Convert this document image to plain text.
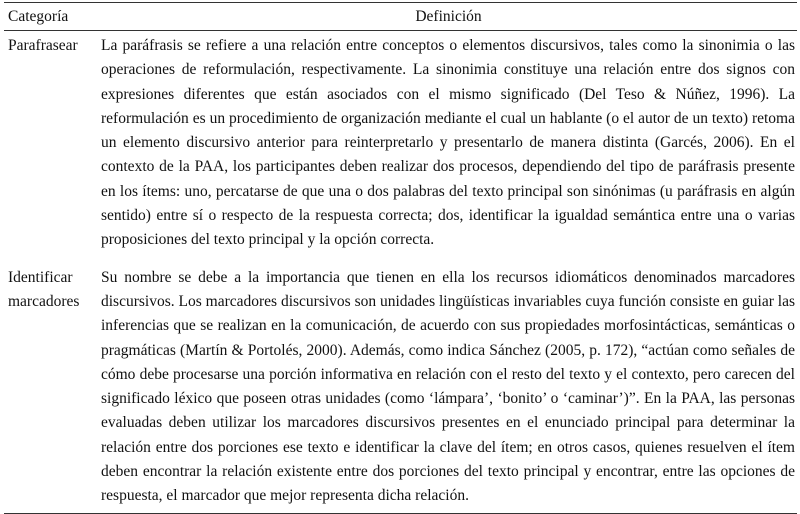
Categoría	Definición
Parafrasear	La paráfrasis se refiere a una relación entre conceptos o elementos discursivos, tales como la sinonimia o las operaciones de reformulación, respectivamente. La sinonimia constituye una relación entre dos signos con expresiones diferentes que están asociados con el mismo significado (Del Teso & Núñez, 1996). La reformulación es un procedimiento de organización mediante el cual un hablante (o el autor de un texto) retoma un elemento discursivo anterior para reinterpretarlo y presentarlo de manera distinta (Garcés, 2006). En el contexto de la PAA, los participantes deben realizar dos procesos, dependiendo del tipo de paráfrasis presente en los ítems: uno, percatarse de que una o dos palabras del texto principal son sinónimas (u paráfrasis en algún sentido) entre sí o respecto de la respuesta correcta; dos, identificar la igualdad semántica entre una o varias proposiciones del texto principal y la opción correcta.
Identificar marcadores	Su nombre se debe a la importancia que tienen en ella los recursos idiomáticos denominados marcadores discursivos. Los marcadores discursivos son unidades lingüísticas invariables cuya función consiste en guiar las inferencias que se realizan en la comunicación, de acuerdo con sus propiedades morfosintácticas, semánticas o pragmáticas (Martín & Portolés, 2000). Además, como indica Sánchez (2005, p. 172), “actúan como señales de cómo debe procesarse una porción informativa en relación con el resto del texto y el contexto, pero carecen del significado léxico que poseen otras unidades (como ‘lámpara’, ‘bonito’ o ‘caminar’)”. En la PAA, las personas evaluadas deben utilizar los marcadores discursivos presentes en el enunciado principal para determinar la relación entre dos porciones ese texto e identificar la clave del ítem; en otros casos, quienes resuelven el ítem deben encontrar la relación existente entre dos porciones del texto principal y encontrar, entre las opciones de respuesta, el marcador que mejor representa dicha relación.
